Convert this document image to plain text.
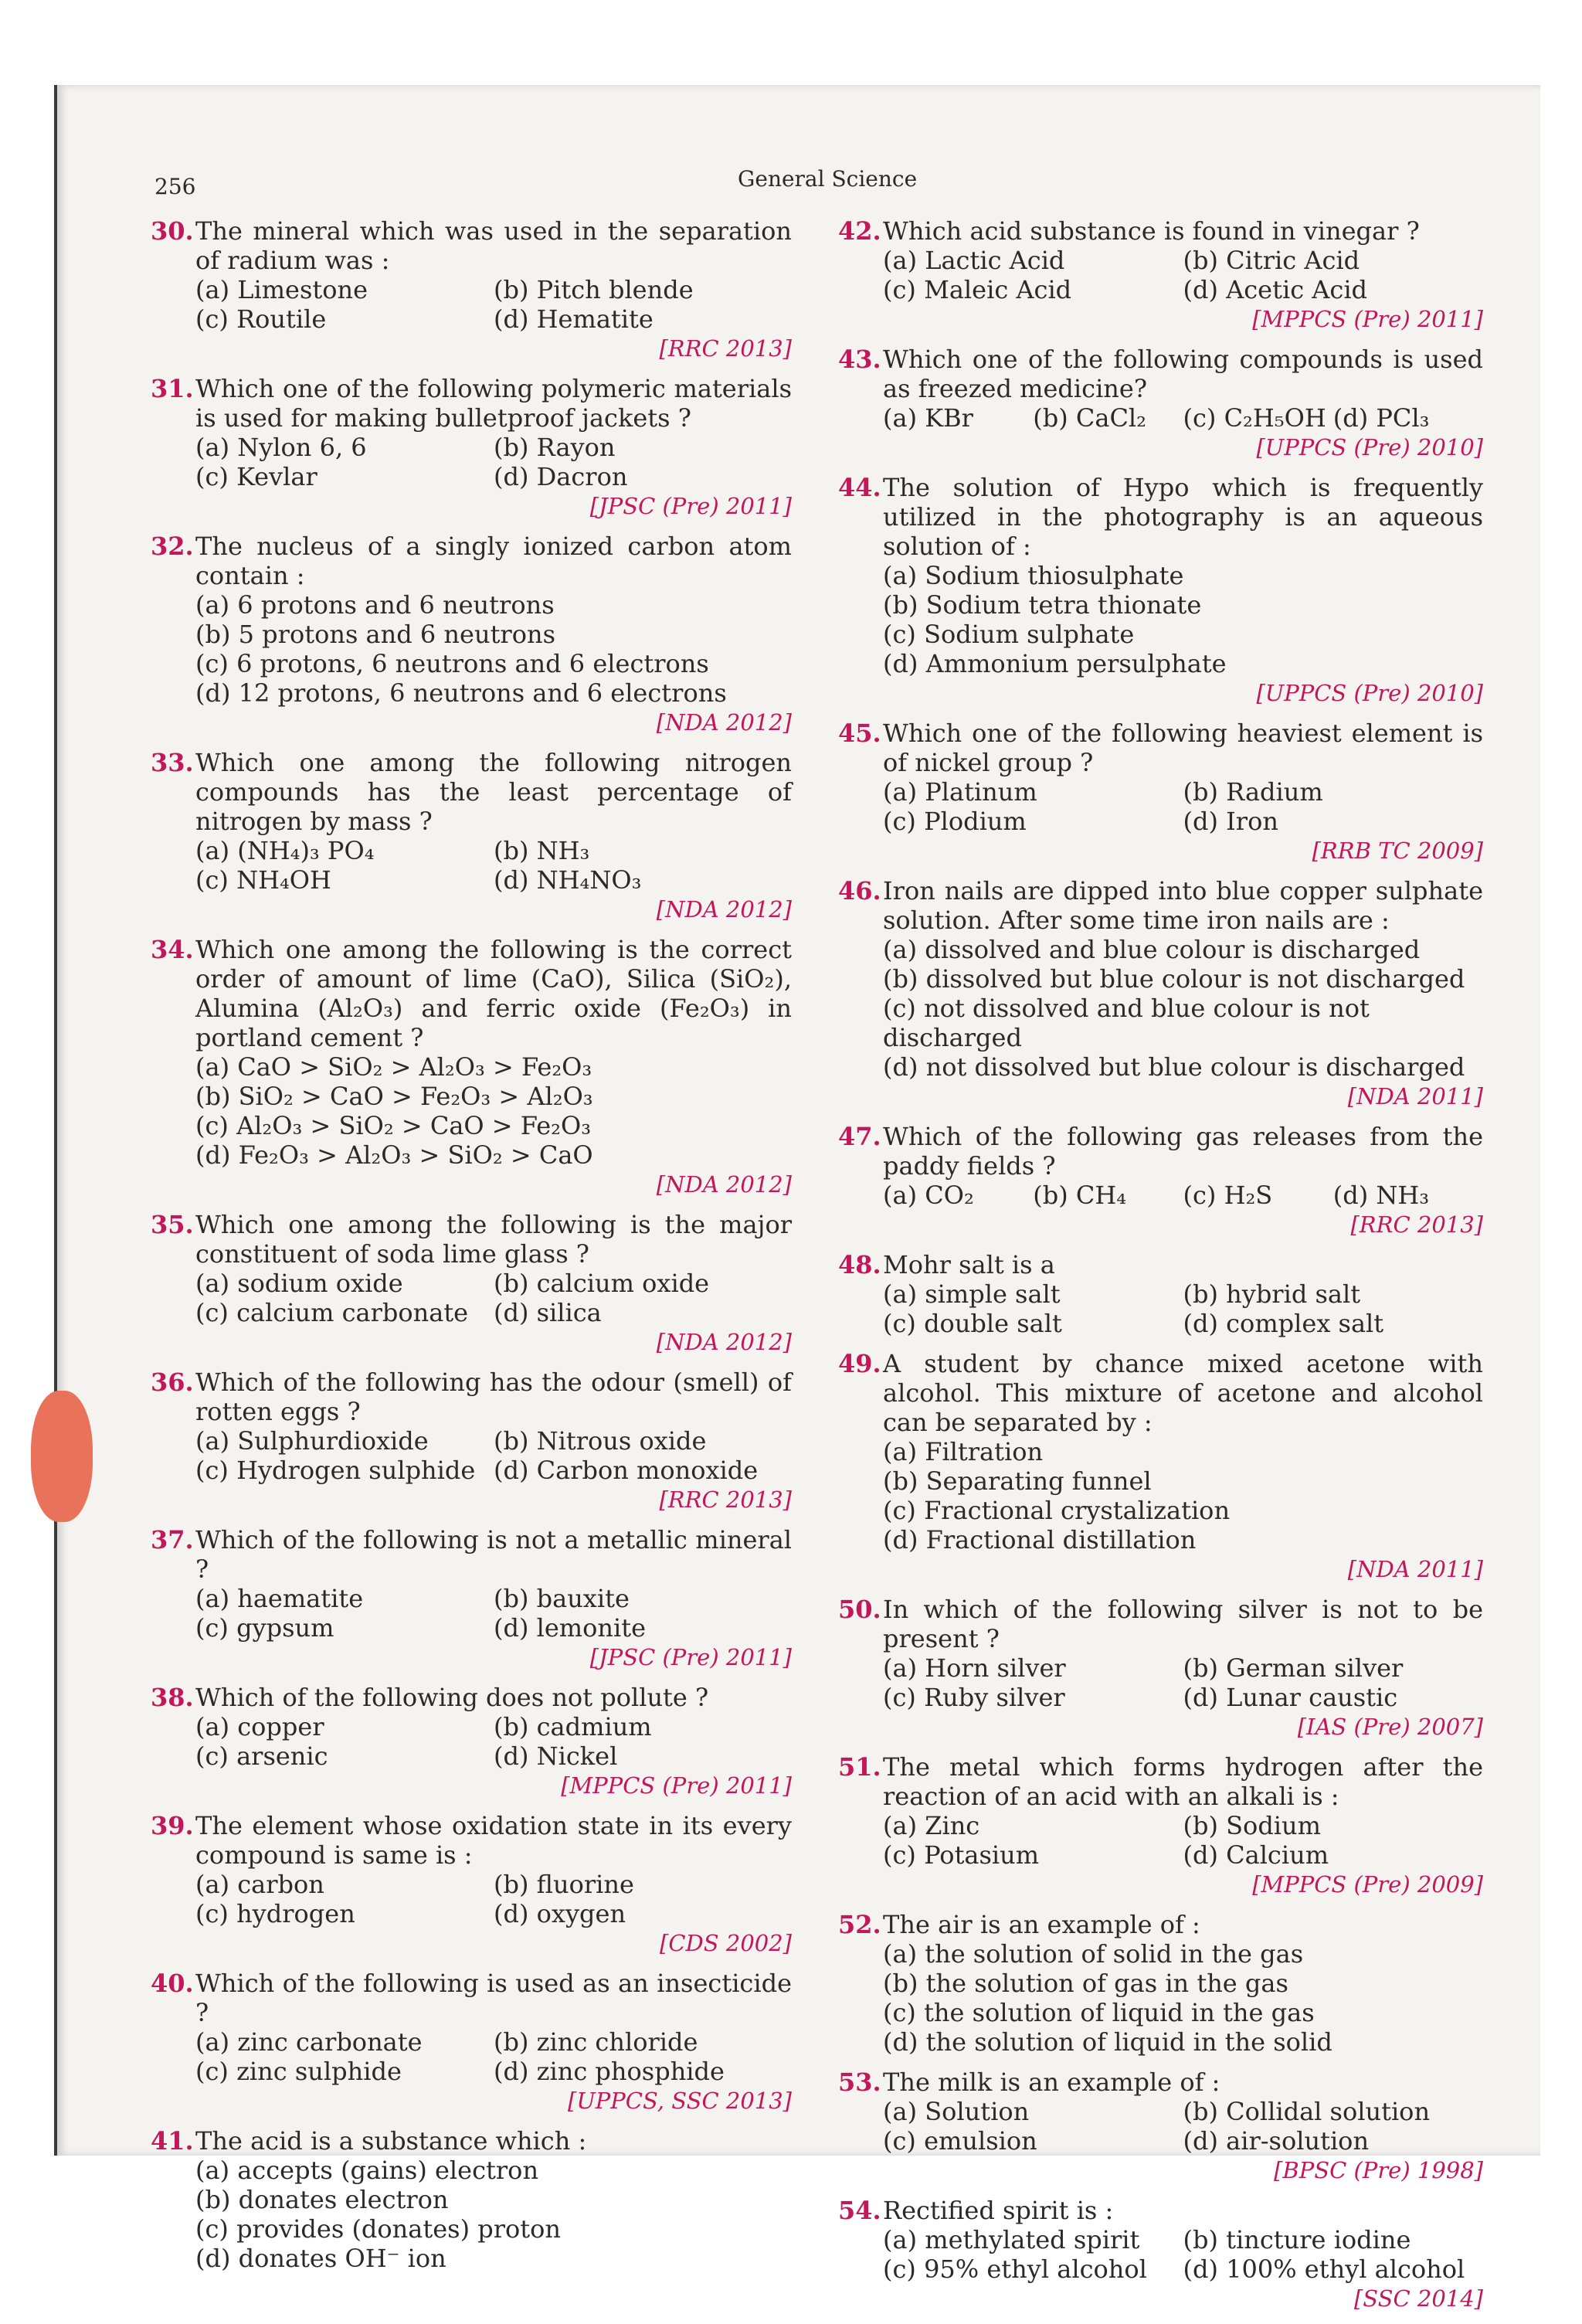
256	General Science
30. The mineral which was used in the separation of radium was :
(a) Limestone	(b) Pitch blende
(c) Routile	(d) Hematite
[RRC 2013]
31. Which one of the following polymeric materials is used for making bulletproof jackets ?
(a) Nylon 6, 6	(b) Rayon
(c) Kevlar	(d) Dacron
[JPSC (Pre) 2011]
32. The nucleus of a singly ionized carbon atom contain :
(a) 6 protons and 6 neutrons
(b) 5 protons and 6 neutrons
(c) 6 protons, 6 neutrons and 6 electrons
(d) 12 protons, 6 neutrons and 6 electrons
[NDA 2012]
33. Which one among the following nitrogen compounds has the least percentage of nitrogen by mass ?
(a) (NH₄)₃ PO₄	(b) NH₃
(c) NH₄OH	(d) NH₄NO₃
[NDA 2012]
34. Which one among the following is the correct order of amount of lime (CaO), Silica (SiO₂), Alumina (Al₂O₃) and ferric oxide (Fe₂O₃) in portland cement ?
(a) CaO > SiO₂ > Al₂O₃ > Fe₂O₃
(b) SiO₂ > CaO > Fe₂O₃ > Al₂O₃
(c) Al₂O₃ > SiO₂ > CaO > Fe₂O₃
(d) Fe₂O₃ > Al₂O₃ > SiO₂ > CaO
[NDA 2012]
35. Which one among the following is the major constituent of soda lime glass ?
(a) sodium oxide	(b) calcium oxide
(c) calcium carbonate	(d) silica
[NDA 2012]
36. Which of the following has the odour (smell) of rotten eggs ?
(a) Sulphurdioxide	(b) Nitrous oxide
(c) Hydrogen sulphide (d) Carbon monoxide
[RRC 2013]
37. Which of the following is not a metallic mineral ?
(a) haematite	(b) bauxite
(c) gypsum	(d) lemonite
[JPSC (Pre) 2011]
38. Which of the following does not pollute ?
(a) copper	(b) cadmium
(c) arsenic	(d) Nickel
[MPPCS (Pre) 2011]
39. The element whose oxidation state in its every compound is same is :
(a) carbon	(b) fluorine
(c) hydrogen	(d) oxygen
[CDS 2002]
40. Which of the following is used as an insecticide ?
(a) zinc carbonate	(b) zinc chloride
(c) zinc sulphide	(d) zinc phosphide
[UPPCS, SSC 2013]
41. The acid is a substance which :
(a) accepts (gains) electron
(b) donates electron
(c) provides (donates) proton
(d) donates OH⁻ ion
42. Which acid substance is found in vinegar ?
(a) Lactic Acid	(b) Citric Acid
(c) Maleic Acid	(d) Acetic Acid
[MPPCS (Pre) 2011]
43. Which one of the following compounds is used as freezed medicine?
(a) KBr	(b) CaCl₂	(c) C₂H₅OH (d) PCl₃
[UPPCS (Pre) 2010]
44. The solution of Hypo which is frequently utilized in the photography is an aqueous solution of :
(a) Sodium thiosulphate
(b) Sodium tetra thionate
(c) Sodium sulphate
(d) Ammonium persulphate
[UPPCS (Pre) 2010]
45. Which one of the following heaviest element is of nickel group ?
(a) Platinum	(b) Radium
(c) Plodium	(d) Iron
[RRB TC 2009]
46. Iron nails are dipped into blue copper sulphate solution. After some time iron nails are :
(a) dissolved and blue colour is discharged
(b) dissolved but blue colour is not discharged
(c) not dissolved and blue colour is not discharged
(d) not dissolved but blue colour is discharged
[NDA 2011]
47. Which of the following gas releases from the paddy fields ?
(a) CO₂	(b) CH₄	(c) H₂S	(d) NH₃
[RRC 2013]
48. Mohr salt is a
(a) simple salt	(b) hybrid salt
(c) double salt	(d) complex salt
49. A student by chance mixed acetone with alcohol. This mixture of acetone and alcohol can be separated by :
(a) Filtration
(b) Separating funnel
(c) Fractional crystalization
(d) Fractional distillation
[NDA 2011]
50. In which of the following silver is not to be present ?
(a) Horn silver	(b) German silver
(c) Ruby silver	(d) Lunar caustic
[IAS (Pre) 2007]
51. The metal which forms hydrogen after the reaction of an acid with an alkali is :
(a) Zinc	(b) Sodium
(c) Potasium	(d) Calcium
[MPPCS (Pre) 2009]
52. The air is an example of :
(a) the solution of solid in the gas
(b) the solution of gas in the gas
(c) the solution of liquid in the gas
(d) the solution of liquid in the solid
53. The milk is an example of :
(a) Solution	(b) Collidal solution
(c) emulsion	(d) air-solution
[BPSC (Pre) 1998]
54. Rectified spirit is :
(a) methylated spirit	(b) tincture iodine
(c) 95% ethyl alcohol	(d) 100% ethyl alcohol
[SSC 2014]
